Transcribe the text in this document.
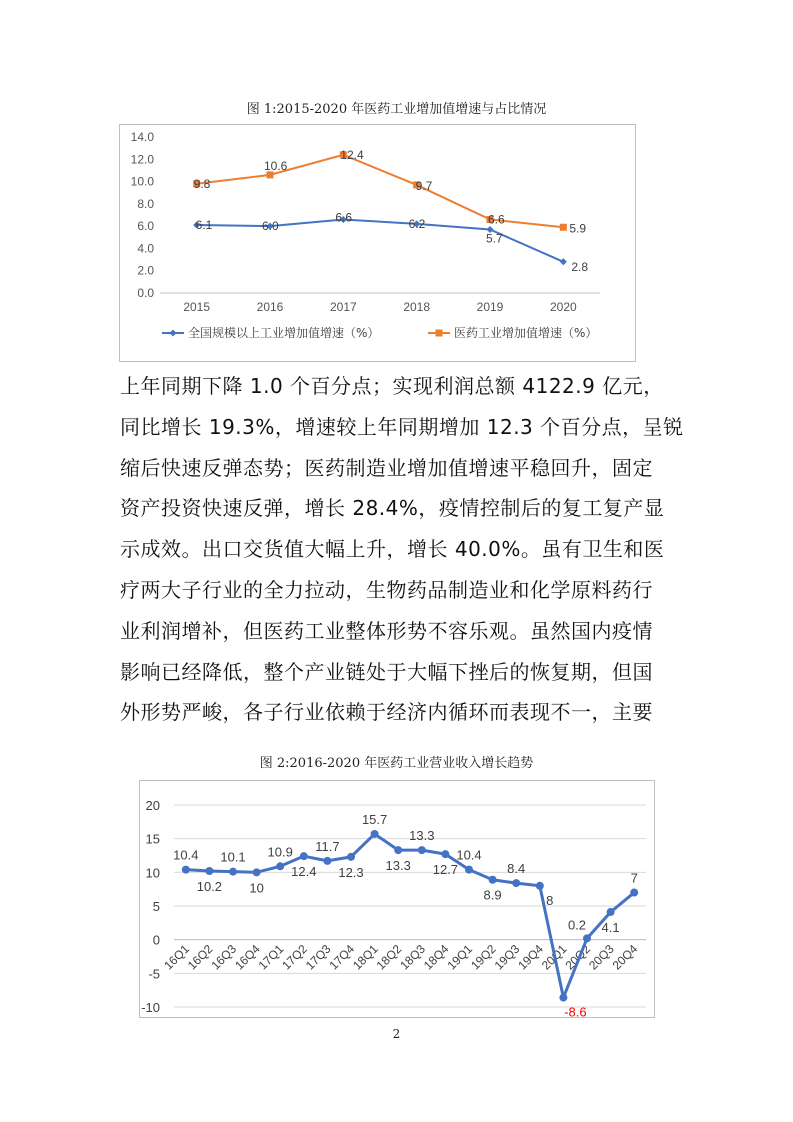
图 1:2015-2020 年医药工业增加值增速与占比情况
0.0
2.0
4.0
6.0
8.0
10.0
12.0
14.0
2015	2016	2017	2018	2019	2020
6.1	6.0
6.6	6.2
5.7
2.8
9.8
10.6
12.4
9.7
6.6
5.9
全国规模以上工业增加值增速（%）	医药工业增加值增速（%）

上年同期下降 1.0 个百分点；实现利润总额 4122.9 亿元，

同比增长 19.3%，增速较上年同期增加 12.3 个百分点，呈锐

缩后快速反弹态势；医药制造业增加值增速平稳回升，固定

资产投资快速反弹，增长 28.4%，疫情控制后的复工复产显

示成效。出口交货值大幅上升，增长 40.0%。虽有卫生和医

疗两大子行业的全力拉动，生物药品制造业和化学原料药行

业利润增补，但医药工业整体形势不容乐观。虽然国内疫情

影响已经降低，整个产业链处于大幅下挫后的恢复期，但国

外形势严峻，各子行业依赖于经济内循环而表现不一，主要

图 2:2016-2020 年医药工业营业收入增长趋势
-10
-5
0
5
10
15
20
16Q1
16Q2
16Q3
16Q4
17Q1
17Q2
17Q3
17Q4
18Q1
18Q2
18Q3
18Q4
19Q1
19Q2
19Q3
19Q4
20Q1
20Q2
20Q3
20Q4
10.4
10.2
10.1
10
10.9
12.4
11.7
12.3
15.7
13.3
13.3
12.7
10.4
8.9
8.4
8
-8.6
0.2 4.1
7
2
